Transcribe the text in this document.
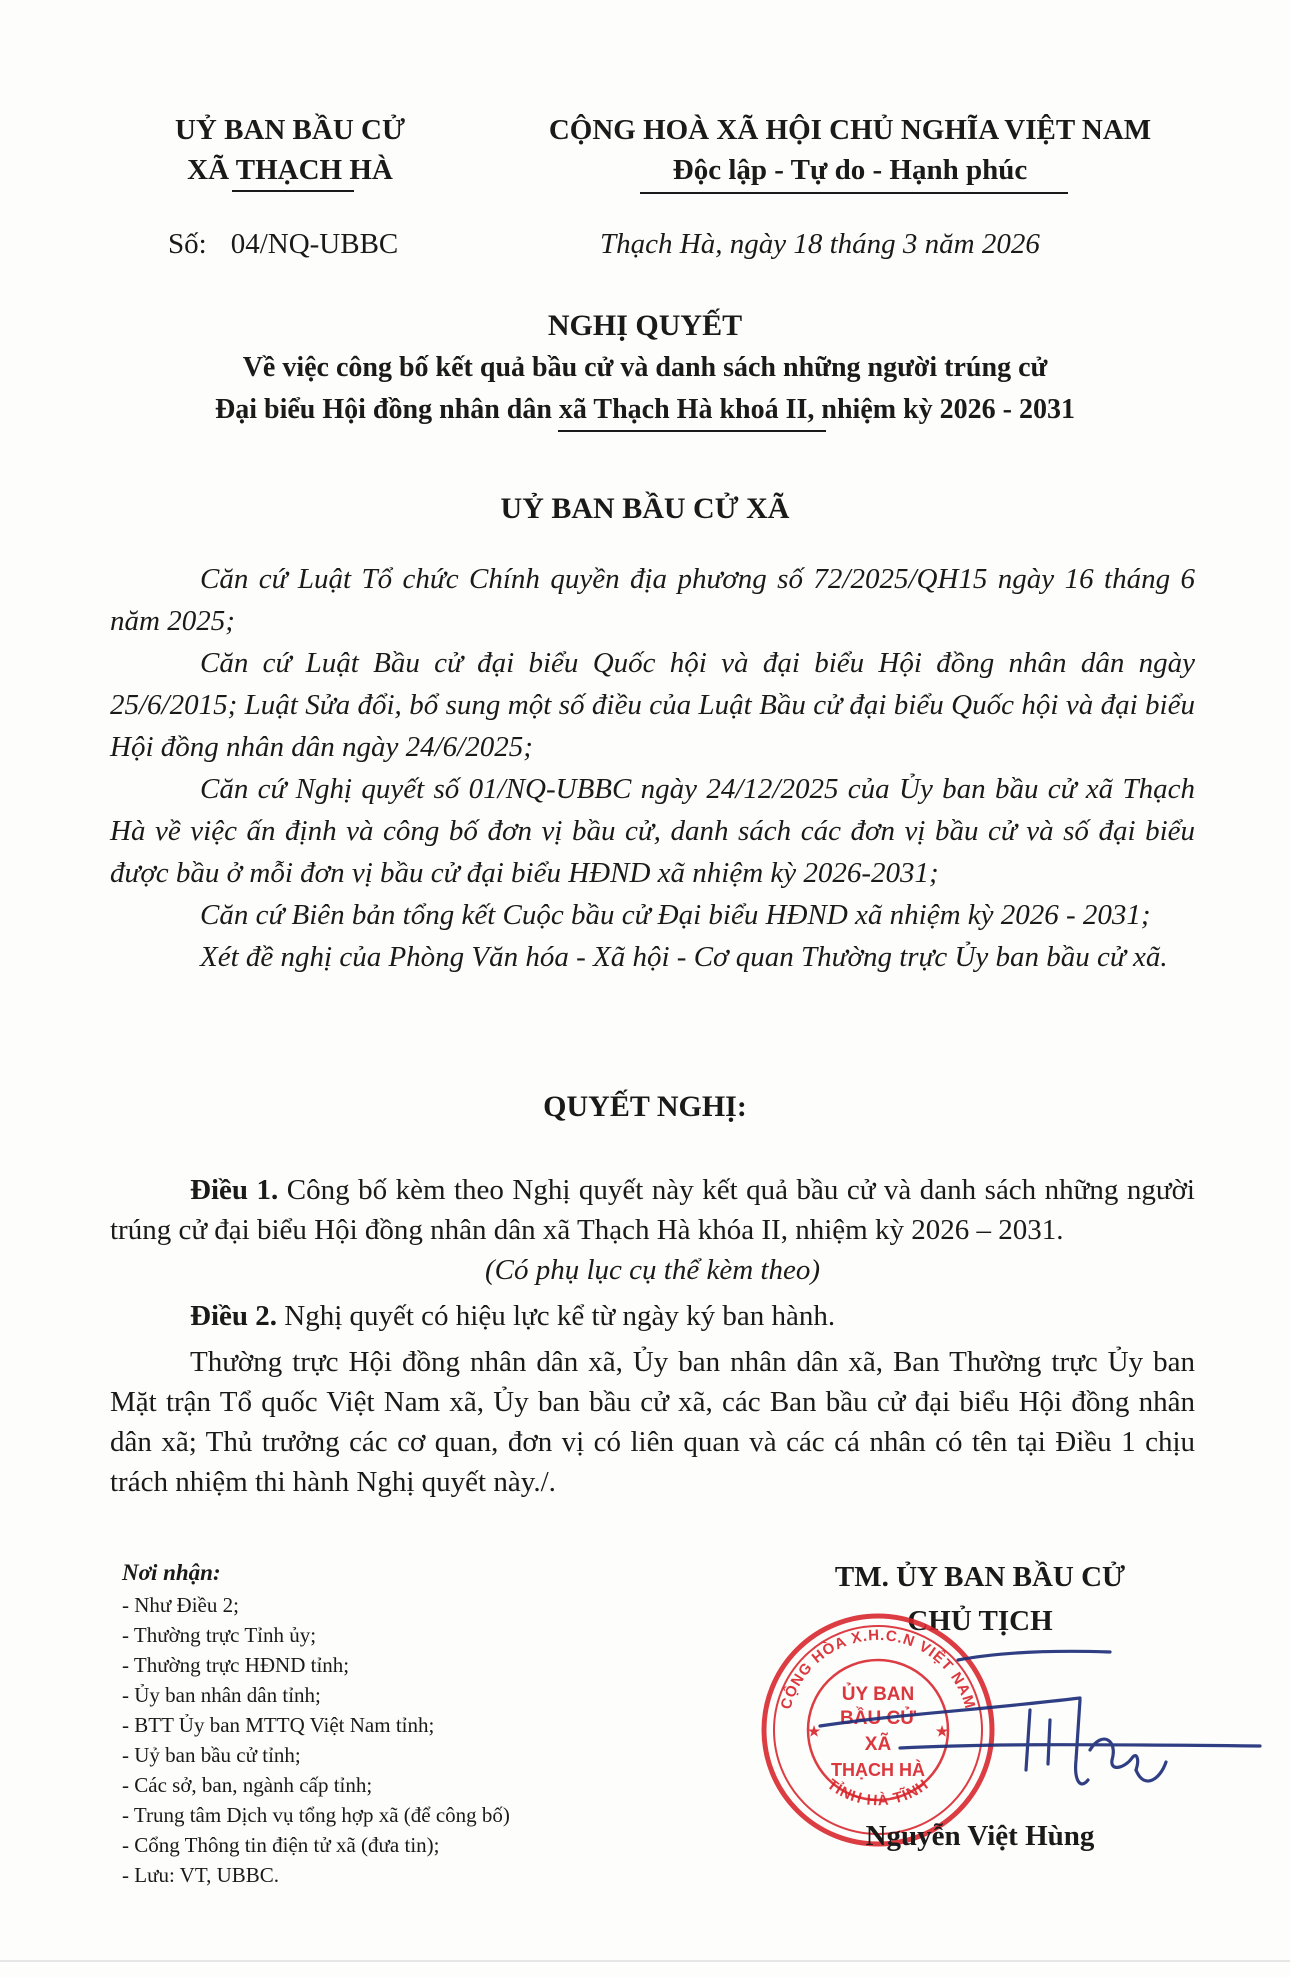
UỶ BAN BẦU CỬ
XÃ THẠCH HÀ
CỘNG HOÀ XÃ HỘI CHỦ NGHĨA VIỆT NAM
Độc lập - Tự do - Hạnh phúc
Số: 04/NQ-UBBC	Thạch Hà, ngày 18 tháng 3 năm 2026
NGHỊ QUYẾT
Về việc công bố kết quả bầu cử và danh sách những người trúng cử
Đại biểu Hội đồng nhân dân xã Thạch Hà khoá II, nhiệm kỳ 2026 - 2031
UỶ BAN BẦU CỬ XÃ

Căn cứ Luật Tổ chức Chính quyền địa phương số 72/2025/QH15 ngày 16 tháng 6 năm 2025;

Căn cứ Luật Bầu cử đại biểu Quốc hội và đại biểu Hội đồng nhân dân ngày 25/6/2015; Luật Sửa đổi, bổ sung một số điều của Luật Bầu cử đại biểu Quốc hội và đại biểu Hội đồng nhân dân ngày 24/6/2025;

Căn cứ Nghị quyết số 01/NQ-UBBC ngày 24/12/2025 của Ủy ban bầu cử xã Thạch Hà về việc ấn định và công bố đơn vị bầu cử, danh sách các đơn vị bầu cử và số đại biểu được bầu ở mỗi đơn vị bầu cử đại biểu HĐND xã nhiệm kỳ 2026-2031;

Căn cứ Biên bản tổng kết Cuộc bầu cử Đại biểu HĐND xã nhiệm kỳ 2026 - 2031;

Xét đề nghị của Phòng Văn hóa - Xã hội - Cơ quan Thường trực Ủy ban bầu cử xã.

QUYẾT NGHỊ:

Điều 1. Công bố kèm theo Nghị quyết này kết quả bầu cử và danh sách những người trúng cử đại biểu Hội đồng nhân dân xã Thạch Hà khóa II, nhiệm kỳ 2026 – 2031.

(Có phụ lục cụ thể kèm theo)

Điều 2. Nghị quyết có hiệu lực kể từ ngày ký ban hành.

Thường trực Hội đồng nhân dân xã, Ủy ban nhân dân xã, Ban Thường trực Ủy ban Mặt trận Tổ quốc Việt Nam xã, Ủy ban bầu cử xã, các Ban bầu cử đại biểu Hội đồng nhân dân xã; Thủ trưởng các cơ quan, đơn vị có liên quan và các cá nhân có tên tại Điều 1 chịu trách nhiệm thi hành Nghị quyết này./.

Nơi nhận:
- Như Điều 2;
- Thường trực Tỉnh ủy;
- Thường trực HĐND tỉnh;
- Ủy ban nhân dân tỉnh;
- BTT Ủy ban MTTQ Việt Nam tỉnh;
- Uỷ ban bầu cử tỉnh;
- Các sở, ban, ngành cấp tỉnh;
- Trung tâm Dịch vụ tổng hợp xã (để công bố)
- Cổng Thông tin điện tử xã (đưa tin);
- Lưu: VT, UBBC.
TM. ỦY BAN BẦU CỬ
CHỦ TỊCH
CỘNG HÒA X.H.C.N VIỆT NAM
TỈNH HÀ TĨNH
ỦY BAN
BẦU CỬ
XÃ
THẠCH HÀ
★	★
Nguyễn Việt Hùng
